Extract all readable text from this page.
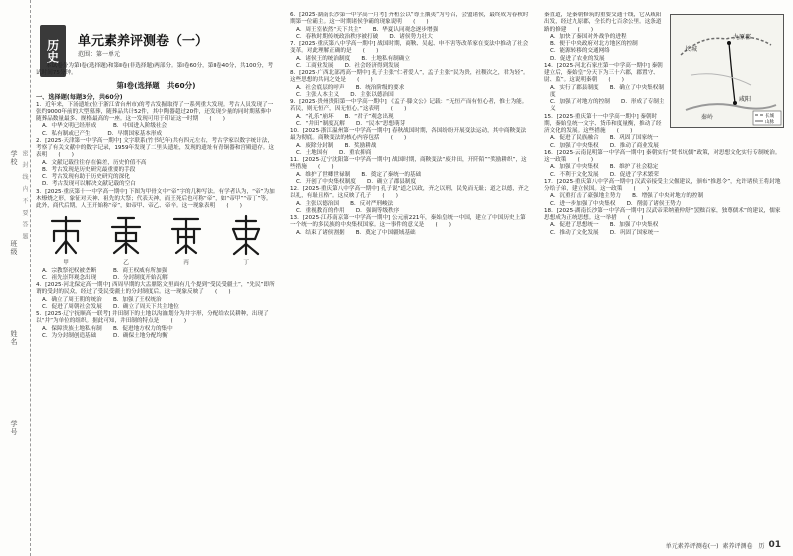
学校
班级
姓名
学号
密 封 线 内 不 要 答 题
历史	单元素养评测卷（一）
范围：第一单元

本试卷分为第Ⅰ卷(选择题)和第Ⅱ卷(非选择题)两部分。第Ⅰ卷60分，第Ⅱ卷40分，共100分，考试时间75分钟。

第Ⅰ卷(选择题　共60分)
一、选择题(每题3分，共60分)

1．近年来，下汤遗址(位于浙江省台州市)的考古发掘取得了一系列重大发现。考古人员发现了一张约9000年前的大型墓葬，随葬品共计52件，其中陶器超过20件，还发现少量的同时期墓葬中随葬品数量最多、规格最高的一座。这一发现可用于印证这一时期　　(　　)

A．中华文明已经形成　　　B．中国进入阶级社会
C．私有制或已产生　　　D．早期国家基本形成

2．[2025·天津第一中学高一期中] 文字联系(竹书纪年)共有四元左右，考古学家以数字统计法，考察了有关文献中的数字记录，1959年发现了二里头遗址，发现的遗址有青铜器和宫殿遗存。这表明　　(　　)

A．文献记载往往存在偏差，历史价值不高
B．考古发现是历史研究最重要的手段
C．考古发现有助于历史研究的深化
D．考古发现可以解决文献记载的空白

3．[2025·重庆第十一中学高一期中] 下图为甲骨文中“帝”字的几种写法。有学者认为，“帝”为加木燎烧之形，象征对天神、祖先的大祭；代表天神，而王死后也可称“帝”，如“帝甲”“帝丁”等。此外，商代后期，人王开始称“帝”，如帝甲、帝乙、帝辛。这一现象表明　　(　　)

甲	乙	丙	丁
A．宗教祭祀权被垄断　　　B．商王权威有所加强
C．祖先崇拜观念出现　　　D．分封制度开始瓦解

4．[2025·河北保定高一期中] 西周早期的大盂鼎铭文里面有几个提到“受民受疆土”，“先民”即所谓的受封的民众，经过了受民受疆土的分封制度后。这一现象反映了　　(　　)

A．确立了周王朝的统治　　B．加强了王权统治
C．促进了周朝社会发展　　D．确立了周天下共主地位

5．[2025·辽宁抚顺高一联考] 井田制下的土地以沟洫划分为井字形，分配给农民耕种，出现了以“井”为单位的组织。据此可知，井田制的特点是　　(　　)

A．保障贵族土地私有制　　B．促进地方权力的集中
C．为分封制创造基础　　　D．确保土地分配均衡

6．[2025·湖南长沙第一中学高一月考] 齐桓公以“尊王攘夷”为号召，会盟诸侯，最终成为春秋时期第一位霸主。这一时期诸侯争霸的现象说明　　(　　)

A．周王室依然“天下共主”　　B．华夏认同观念逐步增强
C．春秋时期传统政治秩序被打破　　D．诸侯势力壮大

7．[2025·重庆第八中学高一期中] 战国时期，商鞅、吴起、申不害等改革家在变法中推动了社会变革。对此理解正确的是　　(　　)

A．诸侯王的统治制度　　B．土地私有制确立
C．工商业发展　　D．社会经济得到发展

8．[2025·广西北部湾高一期中] 孔子主张“仁者爱人”，孟子主张“民为贵，社稷次之，君为轻”。这些思想的共同之处是　　(　　)

A．社会底层的呼声　　B．统治阶级的要求
C．主张人本主义　　D．主张以德治国

9．[2025·贵州贵阳第一中学高一期中] 《孟子·滕文公》记载：“无恒产而有恒心者，惟士为能。若民，则无恒产，因无恒心。”这表明　　(　　)

A．“礼乐”崩坏　　B．“君子”观念出现
C．“井田”制度瓦解　　D．“民本”思想萌芽

10．[2025·浙江温州第一中学高一期中] 春秋战国时期，各国纷纷开展变法运动，其中商鞅变法最为彻底。商鞅变法的核心内容包括　　(　　)

A．废除分封制　　B．奖励耕战
C．土地国有　　D．重农抑商

11．[2025·辽宁沈阳第一中学高一期中] 战国时期，商鞅变法“废井田，开阡陌”“奖励耕织”，这些措施　　(　　)

A．维护了世卿世禄制　　B．奠定了秦统一的基础
C．开创了中央集权制度　　D．确立了郡县制度

12．[2025·重庆第八中学高一期中] 孔子说“道之以政，齐之以刑，民免而无耻；道之以德，齐之以礼，有耻且格”。这反映了孔子　　(　　)

A．主张以德治国　　B．反对严刑峻法
C．重视教育的作用　　D．强调等级秩序

13．[2025·江苏南京第一中学高一期中] 公元前221年，秦始皇统一中国，建立了中国历史上第一个统一的多民族的中央集权国家。这一事件的意义是　　(　　)

A．结束了诸侯割据　　B．奠定了中国疆域基础
九原郡
长城
咸阳
秦岭	长城
山脉

秦直道，是秦朝修筑的重要交通干线，它从咸阳出发，经过九原郡，全长约七百余公里。这条道路的修建　　(　　)

A．加快了秦国对外战争的进程
B．便于中央政府对北方地区的控制
C．能源转移的交通网络
D．促进了农业的发展

14．[2025·河北石家庄第一中学高一期中] 秦朝建立后，秦始皇“分天下为三十六郡，郡置守、尉、监”。这说明秦朝　　(　　)

A．实行了郡县制度　　B．确立了中央集权制度
C．加强了对地方的控制　　D．形成了专制主义

15．[2025·重庆第十一中学高一期中] 秦朝时期，秦始皇统一文字、货币和度量衡，推动了经济文化的发展。这些措施　　(　　)

A．促进了民族融合　　B．巩固了国家统一
C．加强了中央集权　　D．推动了商业发展

16．[2025·云南昆明第一中学高一期中] 秦朝实行“焚书坑儒”政策，对思想文化实行专制统治。这一政策　　(　　)

A．加强了中央集权　　B．维护了社会稳定
C．不利于文化发展　　D．促进了学术繁荣

17．[2025·重庆第八中学高一期中] 汉武帝接受主父偃建议，颁布“推恩令”，允许诸侯王将封地分给子弟，建立侯国。这一政策　　(　　)

A．沉重打击了豪强地主势力　　B．增强了中央对地方的控制
C．进一步加强了中央集权　　D．削弱了诸侯王势力

18．[2025·湖南长沙第一中学高一期中] 汉武帝采纳董仲舒“罢黜百家，独尊儒术”的建议，儒家思想成为正统思想。这一举措　　(　　)

A．促进了思想统一　　B．加强了中央集权
C．推动了文化发展　　D．巩固了国家统一
单元素养评测卷(一) 素养评测卷　历 01
